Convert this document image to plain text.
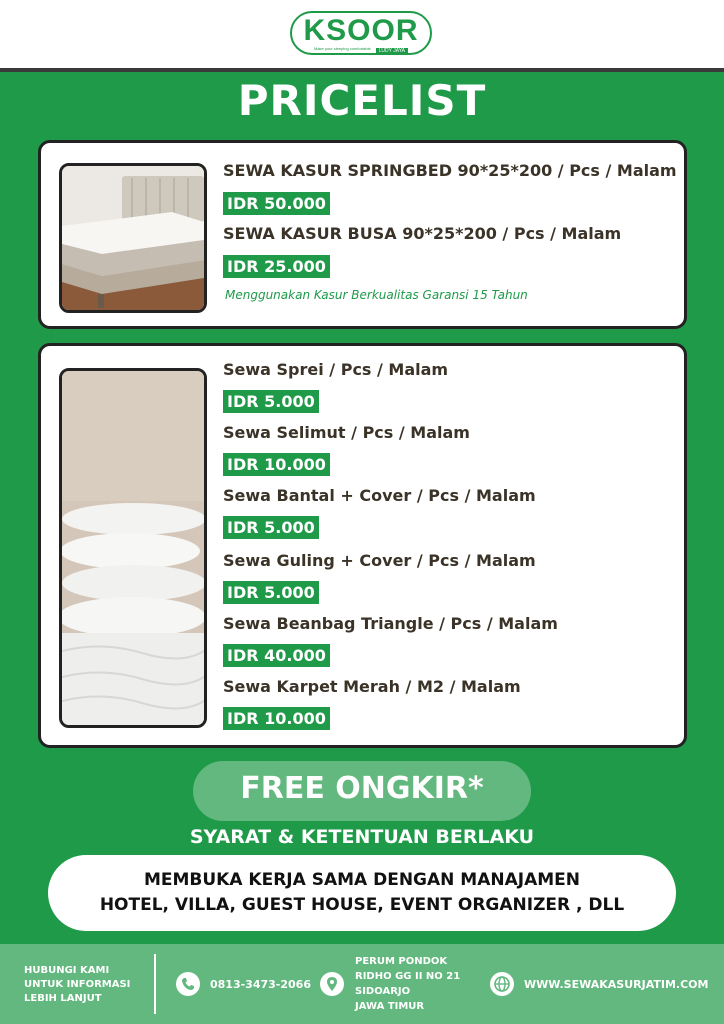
KSOOR
Make your sleeping comfortable	LUDY JAYA
PRICELIST
SEWA KASUR SPRINGBED 90*25*200 / Pcs / Malam
IDR 50.000
SEWA KASUR BUSA 90*25*200 / Pcs / Malam
IDR 25.000
Menggunakan Kasur Berkualitas Garansi 15 Tahun
Sewa Sprei / Pcs / Malam
IDR 5.000
Sewa Selimut / Pcs / Malam
IDR 10.000
Sewa Bantal + Cover / Pcs / Malam
IDR 5.000
Sewa Guling + Cover / Pcs / Malam
IDR 5.000
Sewa Beanbag Triangle / Pcs / Malam
IDR 40.000
Sewa Karpet Merah / M2 / Malam
IDR 10.000
FREE ONGKIR*
SYARAT & KETENTUAN BERLAKU
MEMBUKA KERJA SAMA DENGAN MANAJAMEN
HOTEL, VILLA, GUEST HOUSE, EVENT ORGANIZER , DLL
HUBUNGI KAMI
UNTUK INFORMASI
LEBIH LANJUT
0813-3473-2066
PERUM PONDOK
RIDHO GG II NO 21
SIDOARJO
JAWA TIMUR
WWW.SEWAKASURJATIM.COM
